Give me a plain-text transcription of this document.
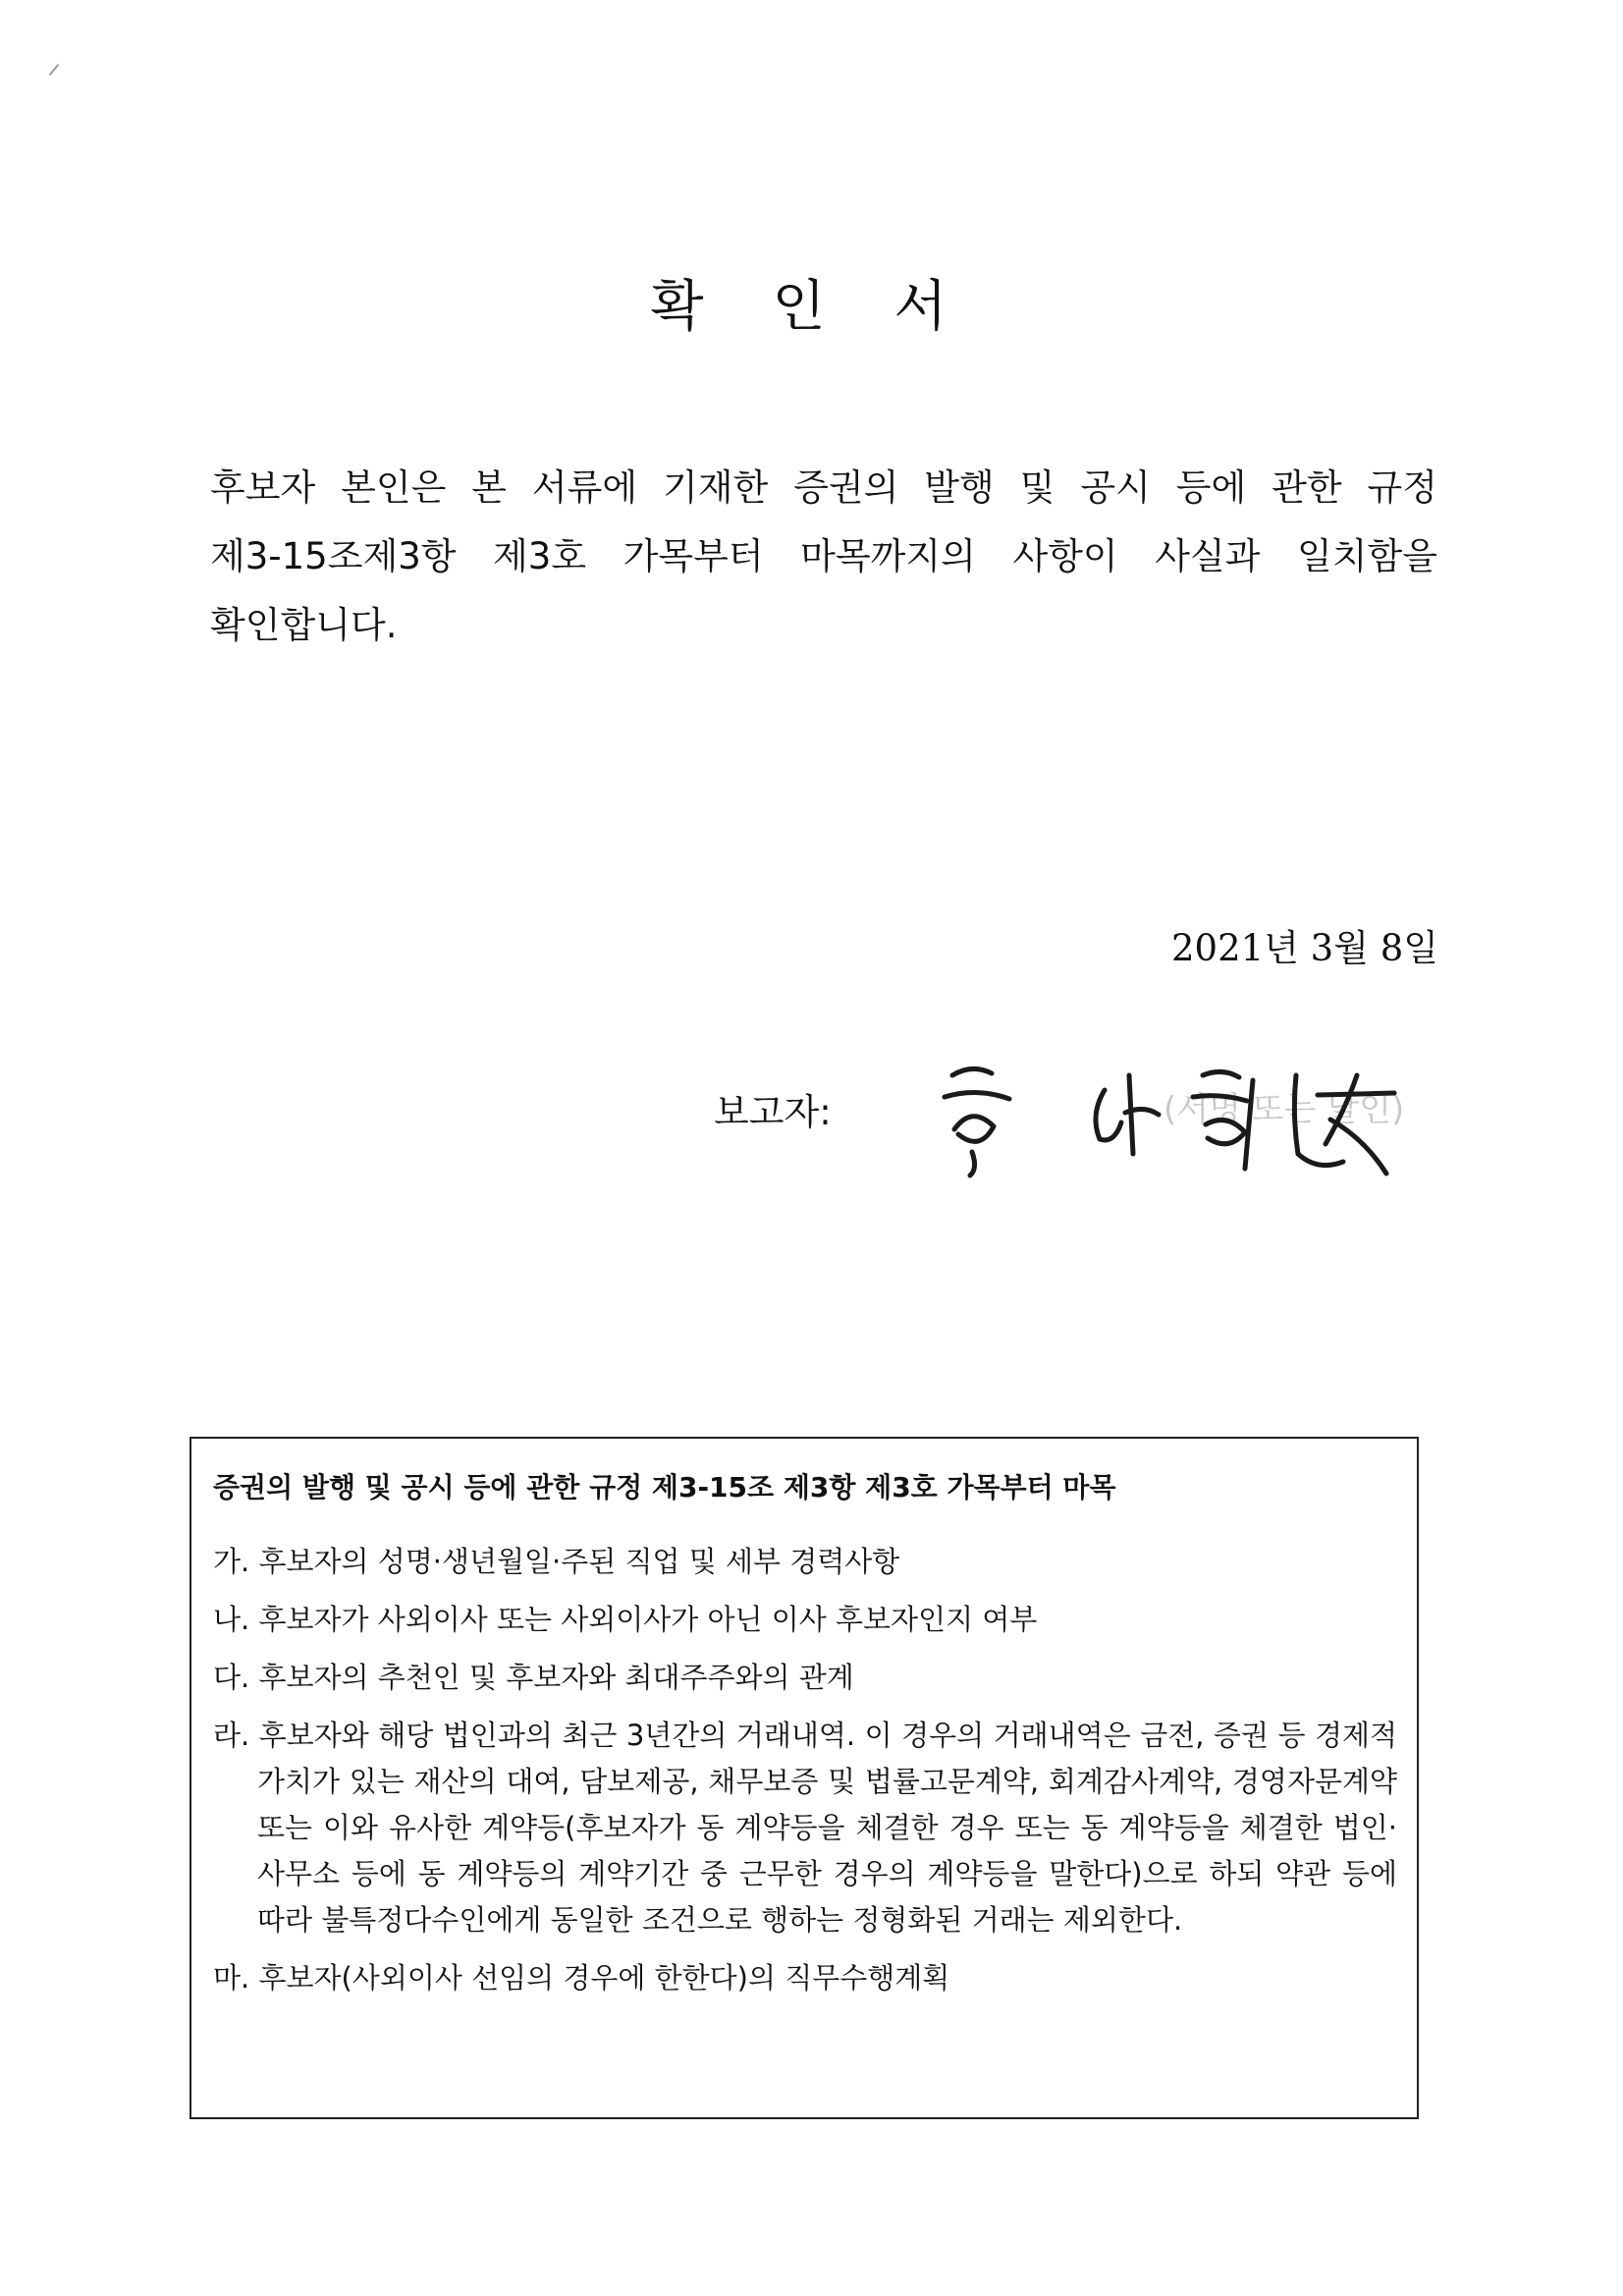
확 인 서
후보자 본인은 본 서류에 기재한 증권의 발행 및 공시 등에 관한 규정
제3-15조제3항 제3호 가목부터 마목까지의 사항이 사실과 일치함을

확인합니다.
2021년 3월 8일
보고자:	(서명 또는 날인)
증권의 발행 및 공시 등에 관한 규정 제3-15조 제3항 제3호 가목부터 마목
가. 후보자의 성명·생년월일·주된 직업 및 세부 경력사항
나. 후보자가 사외이사 또는 사외이사가 아닌 이사 후보자인지 여부
다. 후보자의 추천인 및 후보자와 최대주주와의 관계
라. 후보자와 해당 법인과의 최근 3년간의 거래내역. 이 경우의 거래내역은 금전, 증권 등 경제적 가치가 있는 재산의 대여, 담보제공, 채무보증 및 법률고문계약, 회계감사계약, 경영자문계약 또는 이와 유사한 계약등(후보자가 동 계약등을 체결한 경우 또는 동 계약등을 체결한 법인·사무소 등에 동 계약등의 계약기간 중 근무한 경우의 계약등을 말한다)으로 하되 약관 등에 따라 불특정다수인에게 동일한 조건으로 행하는 정형화된 거래는 제외한다.
마. 후보자(사외이사 선임의 경우에 한한다)의 직무수행계획
